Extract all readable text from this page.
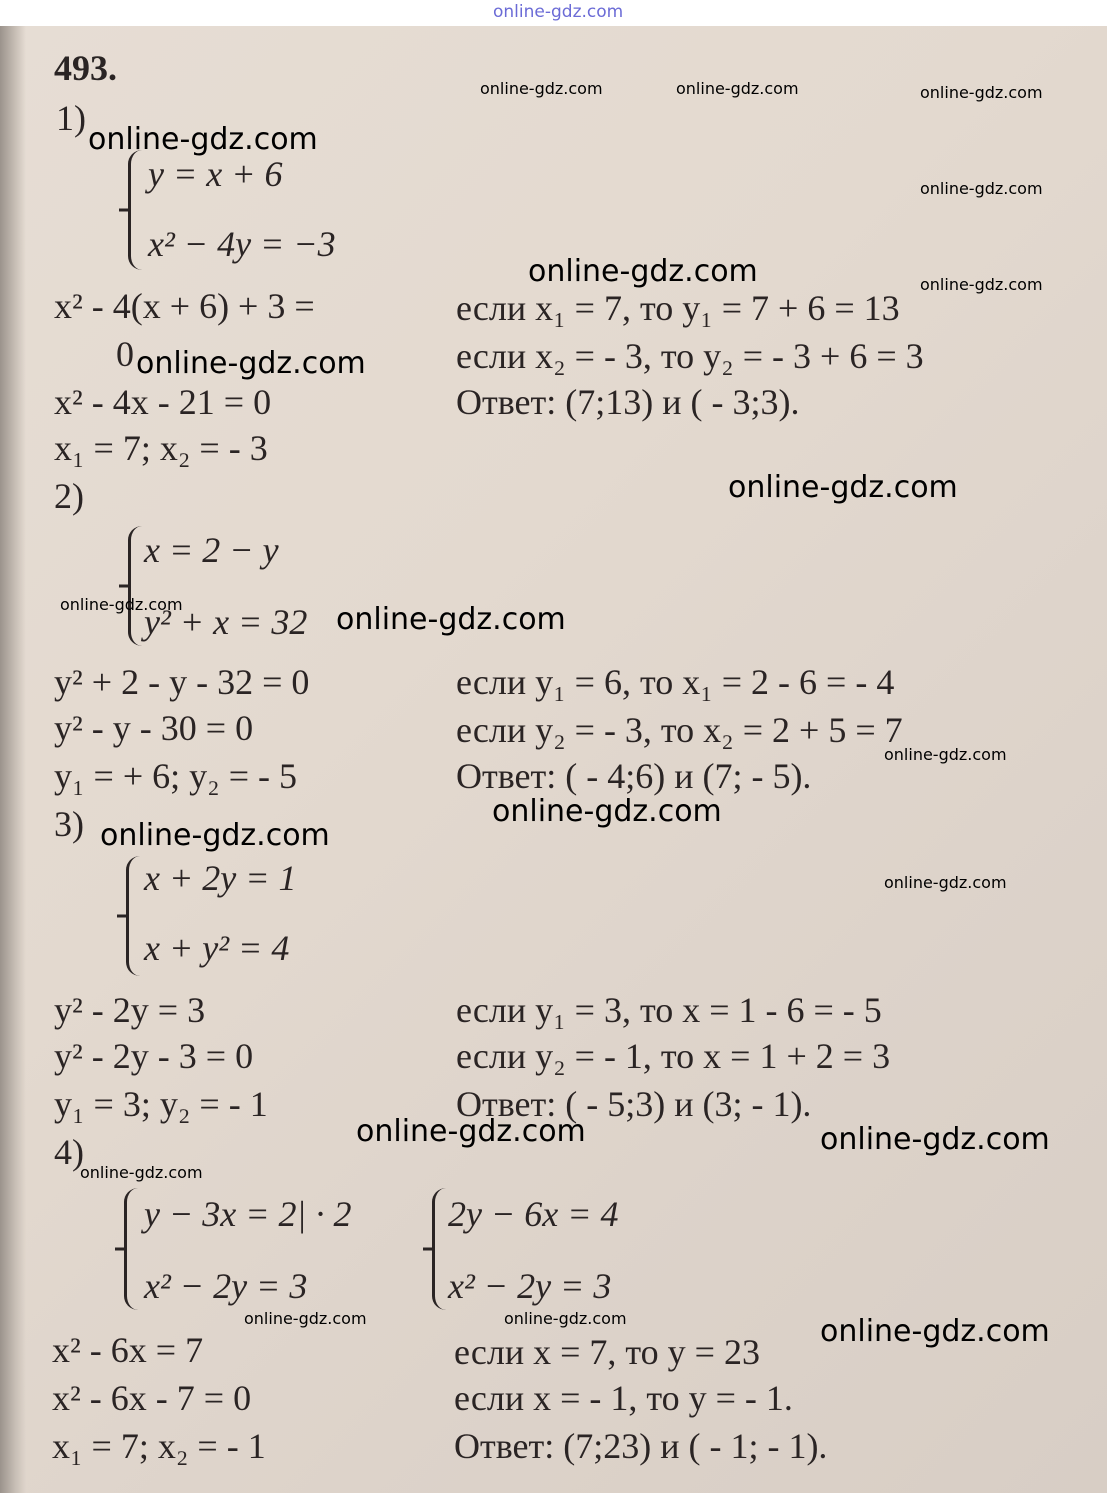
online-gdz.com
493.
1)
y = x + 6
x² − 4y = −3
x² - 4(x + 6) + 3 =
0
x² - 4x - 21 = 0
x₁ = 7; x₂ = - 3
если x₁ = 7, то y₁ = 7 + 6 = 13
если x₂ = - 3, то y₂ = - 3 + 6 = 3
Ответ: (7;13) и ( - 3;3).
2)
x = 2 − y
y² + x = 32
y² + 2 - y - 32 = 0
y² - y - 30 = 0
y₁ = + 6; y₂ = - 5
если y₁ = 6, то x₁ = 2 - 6 = - 4
если y₂ = - 3, то x₂ = 2 + 5 = 7
Ответ: ( - 4;6) и (7; - 5).
3)
x + 2y = 1
x + y² = 4
y² - 2y = 3
y² - 2y - 3 = 0
y₁ = 3; y₂ = - 1
если y₁ = 3, то x = 1 - 6 = - 5
если y₂ = - 1, то x = 1 + 2 = 3
Ответ: ( - 5;3) и (3; - 1).
4)
y − 3x = 2| · 2
x² − 2y = 3
2y − 6x = 4
x² − 2y = 3
x² - 6x = 7
x² - 6x - 7 = 0
x₁ = 7; x₂ = - 1
если x = 7, то y = 23
если x = - 1, то y = - 1.
Ответ: (7;23) и ( - 1; - 1).
online-gdz.com	online-gdz.com	online-gdz.com
online-gdz.com
online-gdz.com
online-gdz.com	online-gdz.com
online-gdz.com
online-gdz.com
online-gdz.com	online-gdz.com
online-gdz.com
online-gdz.com
online-gdz.com
online-gdz.com
online-gdz.com	online-gdz.com
online-gdz.com
online-gdz.com	online-gdz.com	online-gdz.com
